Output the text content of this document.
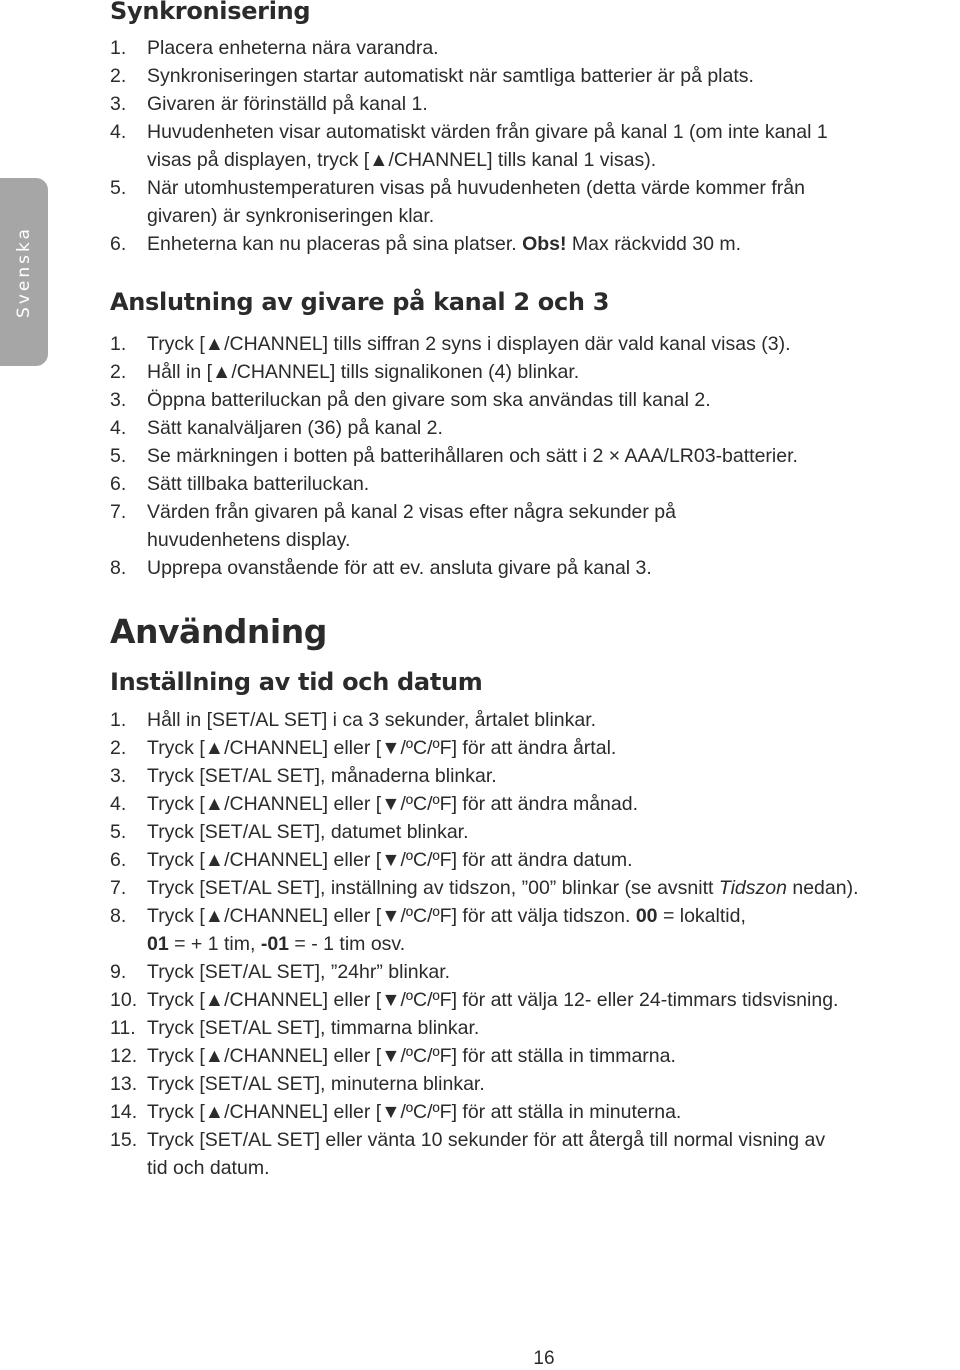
Svenska
Synkronisering
1. Placera enheterna nära varandra.
2. Synkroniseringen startar automatiskt när samtliga batterier är på plats.
3. Givaren är förinställd på kanal 1.
4. Huvudenheten visar automatiskt värden från givare på kanal 1 (om inte kanal 1
visas på displayen, tryck [▲/CHANNEL] tills kanal 1 visas).
5. När utomhustemperaturen visas på huvudenheten (detta värde kommer från
givaren) är synkroniseringen klar.
6. Enheterna kan nu placeras på sina platser. Obs! Max räckvidd 30 m.
Anslutning av givare på kanal 2 och 3
1. Tryck [▲/CHANNEL] tills siffran 2 syns i displayen där vald kanal visas (3).
2. Håll in [▲/CHANNEL] tills signalikonen (4) blinkar.
3. Öppna batteriluckan på den givare som ska användas till kanal 2.
4. Sätt kanalväljaren (36) på kanal 2.
5. Se märkningen i botten på batterihållaren och sätt i 2 × AAA/LR03-batterier.
6. Sätt tillbaka batteriluckan.
7. Värden från givaren på kanal 2 visas efter några sekunder på
huvudenhetens display.
8. Upprepa ovanstående för att ev. ansluta givare på kanal 3.
Användning
Inställning av tid och datum
1. Håll in [SET/AL SET] i ca 3 sekunder, årtalet blinkar.
2. Tryck [▲/CHANNEL] eller [▼/ºC/ºF] för att ändra årtal.
3. Tryck [SET/AL SET], månaderna blinkar.
4. Tryck [▲/CHANNEL] eller [▼/ºC/ºF] för att ändra månad.
5. Tryck [SET/AL SET], datumet blinkar.
6. Tryck [▲/CHANNEL] eller [▼/ºC/ºF] för att ändra datum.
7. Tryck [SET/AL SET], inställning av tidszon, ”00” blinkar (se avsnitt Tidszon nedan).
8. Tryck [▲/CHANNEL] eller [▼/ºC/ºF] för att välja tidszon. 00 = lokaltid,
01 = + 1 tim, -01 = - 1 tim osv.
9. Tryck [SET/AL SET], ”24hr” blinkar.
10. Tryck [▲/CHANNEL] eller [▼/ºC/ºF] för att välja 12- eller 24-timmars tidsvisning.
11. Tryck [SET/AL SET], timmarna blinkar.
12. Tryck [▲/CHANNEL] eller [▼/ºC/ºF] för att ställa in timmarna.
13. Tryck [SET/AL SET], minuterna blinkar.
14. Tryck [▲/CHANNEL] eller [▼/ºC/ºF] för att ställa in minuterna.
15. Tryck [SET/AL SET] eller vänta 10 sekunder för att återgå till normal visning av
tid och datum.
16
